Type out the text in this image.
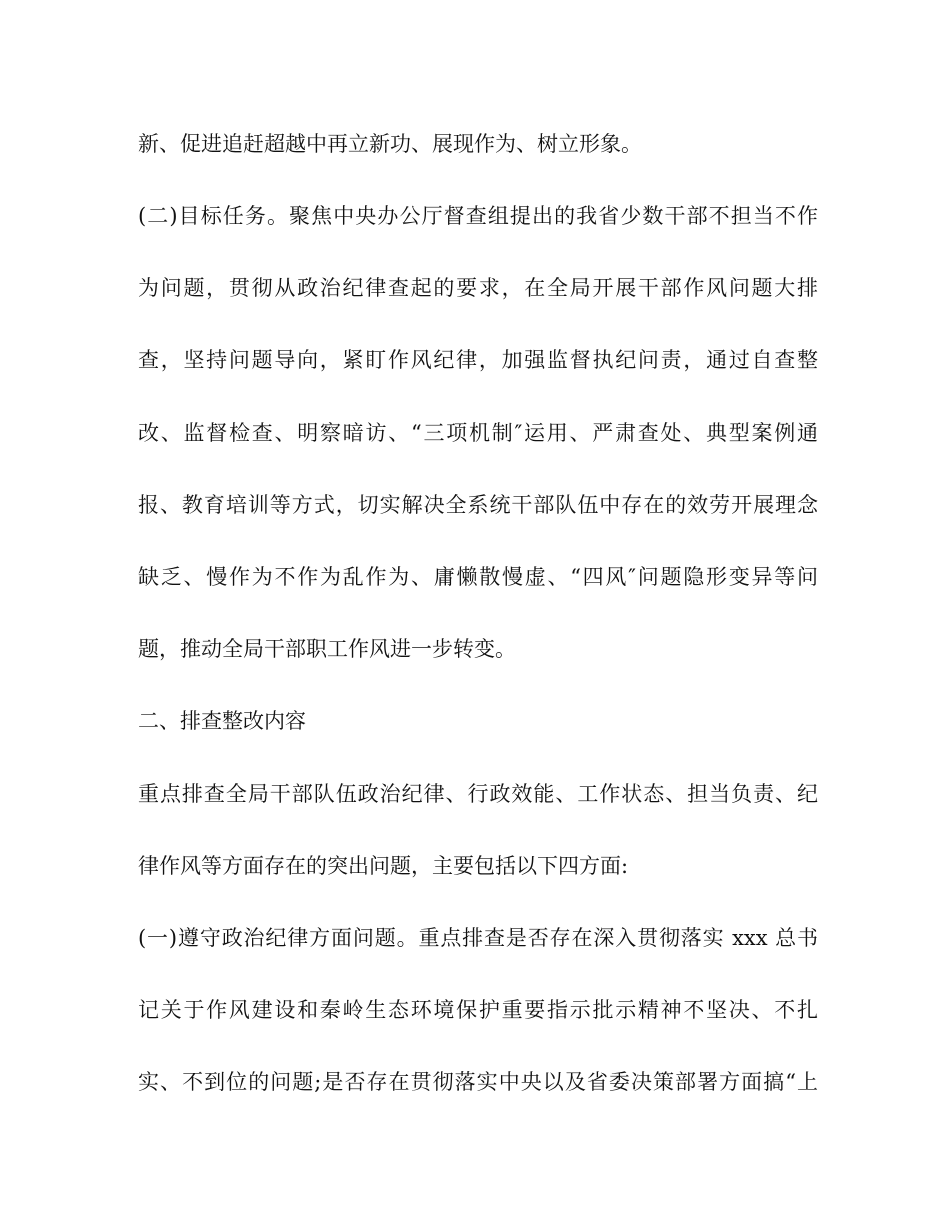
新、促进追赶超越中再立新功、展现作为、树立形象。
(二)目标任务。聚焦中央办公厅督查组提出的我省少数干部不担当不作
为问题，贯彻从政治纪律查起的要求，在全局开展干部作风问题大排
查，坚持问题导向，紧盯作风纪律，加强监督执纪问责，通过自查整
改、监督检查、明察暗访、“三项机制″运用、严肃查处、典型案例通
报、教育培训等方式，切实解决全系统干部队伍中存在的效劳开展理念
缺乏、慢作为不作为乱作为、庸懒散慢虚、“四风″问题隐形变异等问
题，推动全局干部职工作风进一步转变。
二、排查整改内容
重点排查全局干部队伍政治纪律、行政效能、工作状态、担当负责、纪
律作风等方面存在的突出问题，主要包括以下四方面:
(一)遵守政治纪律方面问题。重点排查是否存在深入贯彻落实 xxx 总书
记关于作风建设和秦岭生态环境保护重要指示批示精神不坚决、不扎
实、不到位的问题;是否存在贯彻落实中央以及省委决策部署方面搞“上
